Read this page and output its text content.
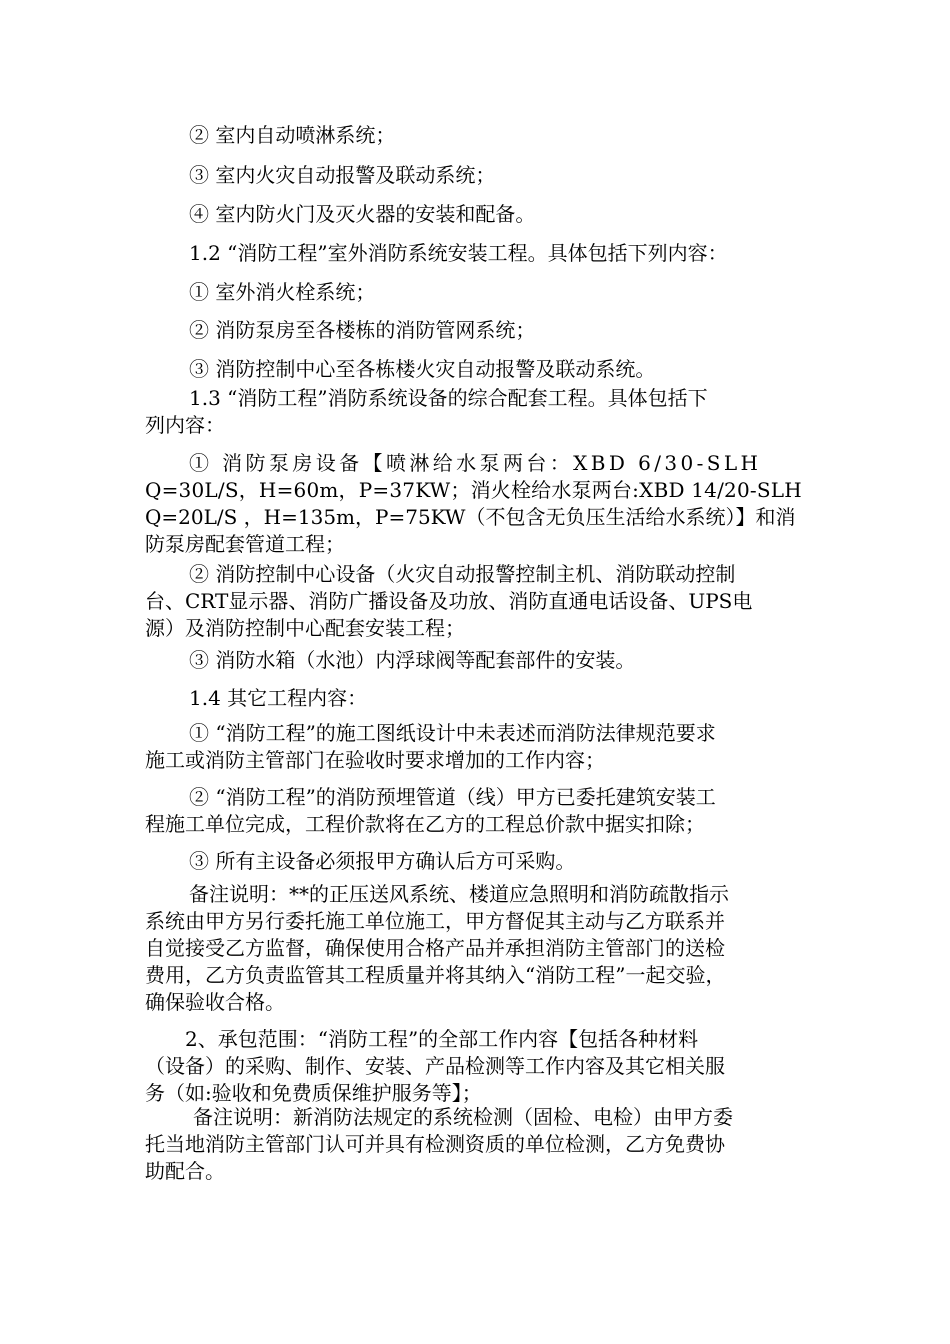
② 室内自动喷淋系统；

③ 室内火灾自动报警及联动系统；

④ 室内防火门及灭火器的安装和配备。

1.2 “消防工程”室外消防系统安装工程。具体包括下列内容：

① 室外消火栓系统；

② 消防泵房至各楼栋的消防管网系统；

③ 消防控制中心至各栋楼火灾自动报警及联动系统。

1.3 “消防工程”消防系统设备的综合配套工程。具体包括下
列内容：

① 消防泵房设备【喷淋给水泵两台：XBD 6/30-SLH
Q=30L/S，H=60m，P=37KW；消火栓给水泵两台:XBD 14/20-SLH
Q=20L/S ，H=135m，P=75KW（不包含无负压生活给水系统）】和消
防泵房配套管道工程；

② 消防控制中心设备（火灾自动报警控制主机、消防联动控制
台、CRT显示器、消防广播设备及功放、消防直通电话设备、UPS电
源）及消防控制中心配套安装工程；

③ 消防水箱（水池）内浮球阀等配套部件的安装。

1.4 其它工程内容：

① “消防工程”的施工图纸设计中未表述而消防法律规范要求
施工或消防主管部门在验收时要求增加的工作内容；

② “消防工程”的消防预埋管道（线）甲方已委托建筑安装工
程施工单位完成，工程价款将在乙方的工程总价款中据实扣除；

③ 所有主设备必须报甲方确认后方可采购。

备注说明：**的正压送风系统、楼道应急照明和消防疏散指示
系统由甲方另行委托施工单位施工，甲方督促其主动与乙方联系并
自觉接受乙方监督，确保使用合格产品并承担消防主管部门的送检
费用，乙方负责监管其工程质量并将其纳入“消防工程”一起交验，
确保验收合格。

2、承包范围：“消防工程”的全部工作内容【包括各种材料
（设备）的采购、制作、安装、产品检测等工作内容及其它相关服
务（如:验收和免费质保维护服务等】；

备注说明：新消防法规定的系统检测（固检、电检）由甲方委
托当地消防主管部门认可并具有检测资质的单位检测，乙方免费协
助配合。
